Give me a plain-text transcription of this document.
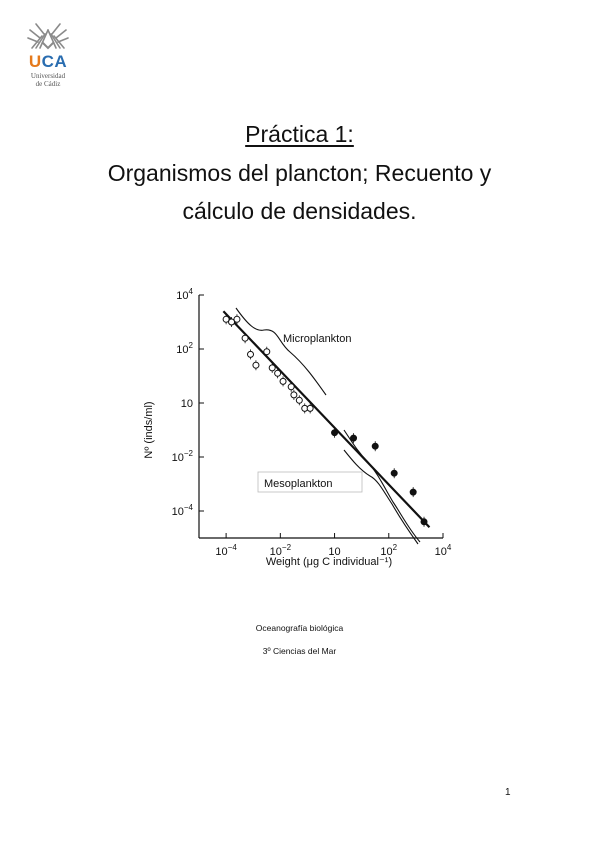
UCA
Universidad
de Cádiz
Práctica 1:
Organismos del plancton; Recuento y
cálculo de densidades.
$10^4$
$10^2$
10
$10^{-2}$
$10^{-4}$
$10^{-4}$	$10^{-2}$	10	$10^2$	$10^4$
Microplankton
Mesoplankton
Nº (inds/ml)
Weight (μg C individual⁻¹)
Oceanografía biológica
3º Ciencias del Mar
1
